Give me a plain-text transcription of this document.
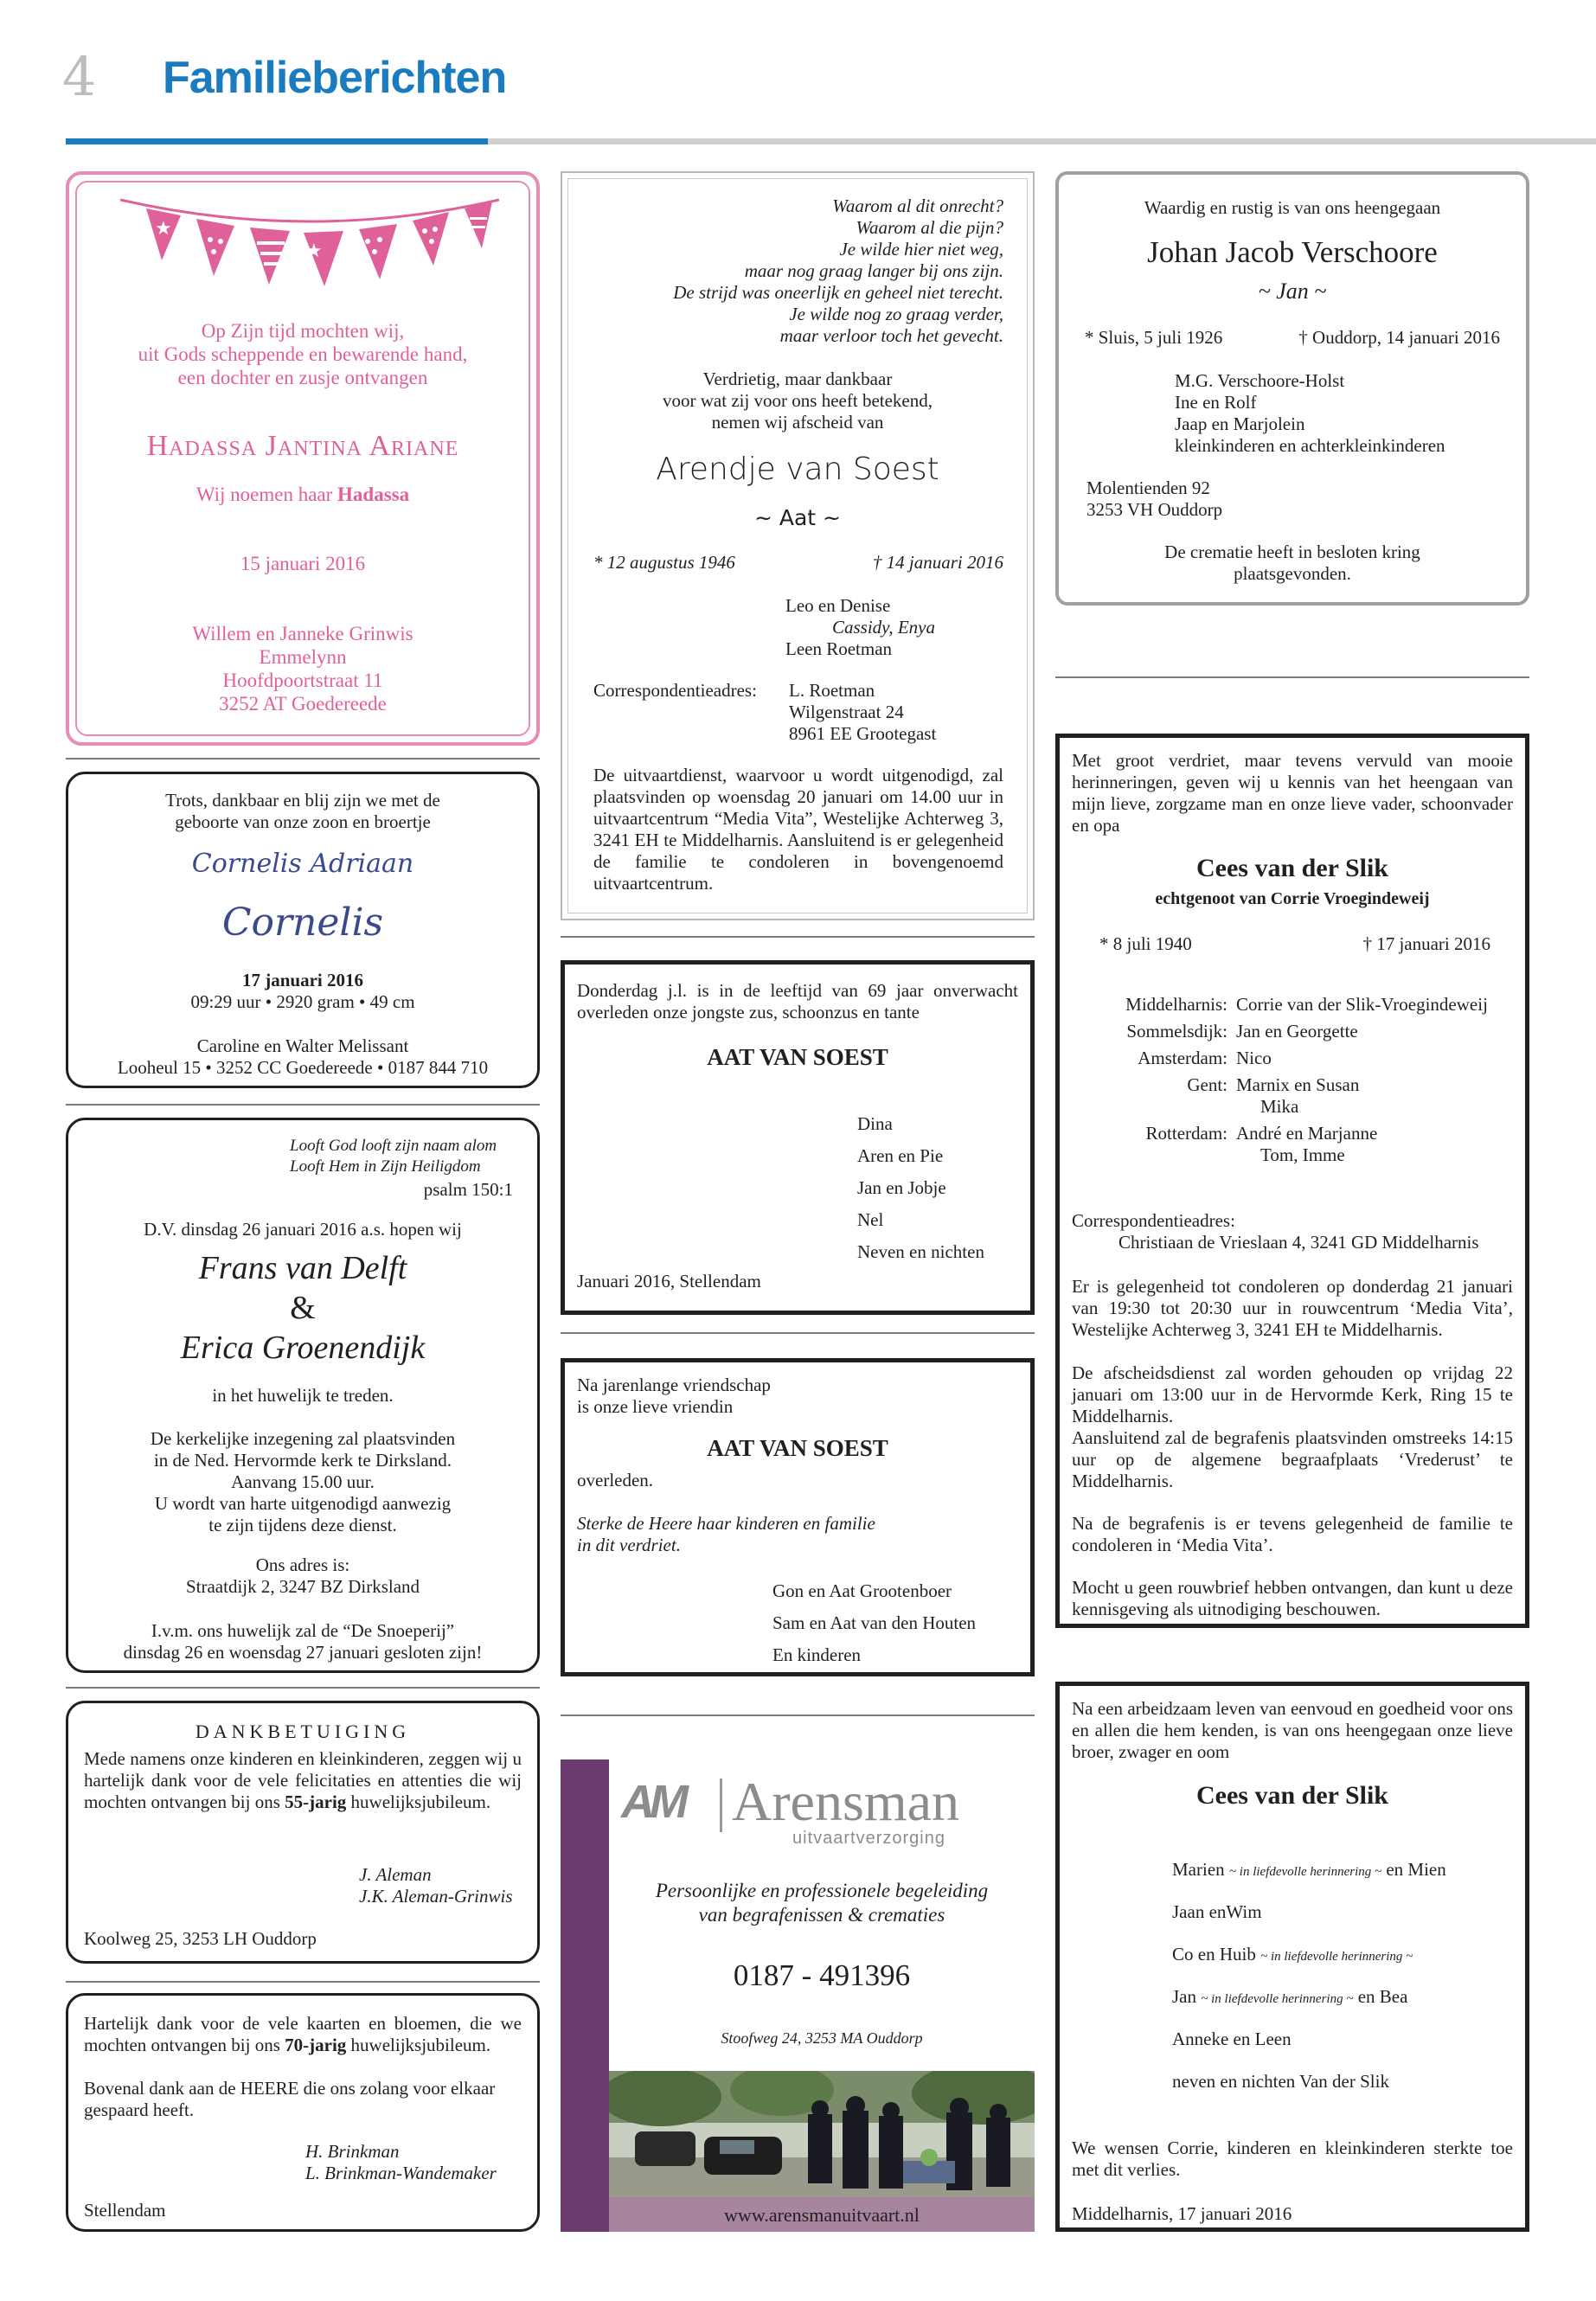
4 Familieberichten
★
★
Op Zijn tijd mochten wij,
uit Gods scheppende en bewarende hand,
een dochter en zusje ontvangen
Hadassa Jantina Ariane
Wij noemen haar Hadassa
15 januari 2016
Willem en Janneke Grinwis
Emmelynn
Hoofdpoortstraat 11
3252 AT Goedereede
Trots, dankbaar en blij zijn we met de
geboorte van onze zoon en broertje
Cornelis Adriaan
Cornelis
17 januari 2016
09:29 uur • 2920 gram • 49 cm
Caroline en Walter Melissant
Looheul 15 • 3252 CC Goedereede • 0187 844 710
Looft God looft zijn naam alom
Looft Hem in Zijn Heiligdom
psalm 150:1
D.V. dinsdag 26 januari 2016 a.s. hopen wij
Frans van Delft
&
Erica Groenendijk
in het huwelijk te treden.
De kerkelijke inzegening zal plaatsvinden
in de Ned. Hervormde kerk te Dirksland.
Aanvang 15.00 uur.
U wordt van harte uitgenodigd aanwezig
te zijn tijdens deze dienst.
Ons adres is:
Straatdijk 2, 3247 BZ Dirksland
I.v.m. ons huwelijk zal de “De Snoeperij”
dinsdag 26 en woensdag 27 januari gesloten zijn!
DANKBETUIGING
Mede namens onze kinderen en kleinkinderen, zeggen wij u hartelijk dank voor de vele felicitaties en attenties die wij mochten ontvangen bij ons 55-jarig huwelijksjubileum.
J. Aleman
J.K. Aleman-Grinwis
Koolweg 25, 3253 LH Ouddorp
Hartelijk dank voor de vele kaarten en bloemen, die we mochten ontvangen bij ons 70-jarig huwelijksjubileum.
Bovenal dank aan de HEERE die ons zolang voor elkaar gespaard heeft.
H. Brinkman
L. Brinkman-Wandemaker
Stellendam
Waarom al dit onrecht?
Waarom al die pijn?
Je wilde hier niet weg,
maar nog graag langer bij ons zijn.
De strijd was oneerlijk en geheel niet terecht.
Je wilde nog zo graag verder,
maar verloor toch het gevecht.
Verdrietig, maar dankbaar
voor wat zij voor ons heeft betekend,
nemen wij afscheid van
Arendje van Soest
~ Aat ~
* 12 augustus 1946	† 14 januari 2016
Leo en Denise
Cassidy, Enya
Leen Roetman
Correspondentieadres: L. Roetman
Wilgenstraat 24
8961 EE Grootegast
De uitvaartdienst, waarvoor u wordt uitgenodigd, zal plaatsvinden op woensdag 20 januari om 14.00 uur in uitvaartcentrum “Media Vita”, Westelijke Achterweg 3, 3241 EH te Middelharnis. Aansluitend is er gelegenheid de familie te condoleren in bovengenoemd uitvaartcentrum.
Donderdag j.l. is in de leeftijd van 69 jaar onverwacht overleden onze jongste zus, schoonzus en tante
AAT VAN SOEST
Dina
Aren en Pie
Jan en Jobje
Nel
Neven en nichten
Januari 2016, Stellendam
Na jarenlange vriendschap
is onze lieve vriendin
AAT VAN SOEST
overleden.
Sterke de Heere haar kinderen en familie
in dit verdriet.
Gon en Aat Grootenboer
Sam en Aat van den Houten
En kinderen
AM Arensman
uitvaartverzorging
Persoonlijke en professionele begeleiding
van begrafenissen & crematies
0187 - 491396
Stoofweg 24, 3253 MA Ouddorp
www.arensmanuitvaart.nl
Waardig en rustig is van ons heengegaan
Johan Jacob Verschoore
~ Jan ~
* Sluis, 5 juli 1926	† Ouddorp, 14 januari 2016
M.G. Verschoore-Holst
Ine en Rolf
Jaap en Marjolein
kleinkinderen en achterkleinkinderen
Molentienden 92
3253 VH Ouddorp
De crematie heeft in besloten kring
plaatsgevonden.
Met groot verdriet, maar tevens vervuld van mooie herinneringen, geven wij u kennis van het heengaan van mijn lieve, zorgzame man en onze lieve vader, schoonvader en opa
Cees van der Slik
echtgenoot van Corrie Vroegindeweij
* 8 juli 1940	† 17 januari 2016
Middelharnis: Corrie van der Slik-Vroegindeweij
Sommelsdijk: Jan en Georgette
Amsterdam: Nico
Gent: Marnix en Susan
Mika
Rotterdam: André en Marjanne
Tom, Imme
Correspondentieadres:
Christiaan de Vrieslaan 4, 3241 GD Middelharnis
Er is gelegenheid tot condoleren op donderdag 21 januari van 19:30 tot 20:30 uur in rouwcentrum ‘Media Vita’, Westelijke Achterweg 3, 3241 EH te Middelharnis.
De afscheidsdienst zal worden gehouden op vrijdag 22 januari om 13:00 uur in de Hervormde Kerk, Ring 15 te Middelharnis.
Aansluitend zal de begrafenis plaatsvinden omstreeks 14:15 uur op de algemene begraafplaats ‘Vrederust’ te Middelharnis.
Na de begrafenis is er tevens gelegenheid de familie te condoleren in ‘Media Vita’.
Mocht u geen rouwbrief hebben ontvangen, dan kunt u deze kennisgeving als uitnodiging beschouwen.
Na een arbeidzaam leven van eenvoud en goedheid voor ons en allen die hem kenden, is van ons heengegaan onze lieve broer, zwager en oom
Cees van der Slik
Marien ~ in liefdevolle herinnering ~ en Mien
Jaan enWim
Co en Huib ~ in liefdevolle herinnering ~
Jan ~ in liefdevolle herinnering ~ en Bea
Anneke en Leen
neven en nichten Van der Slik
We wensen Corrie, kinderen en kleinkinderen sterkte toe met dit verlies.
Middelharnis, 17 januari 2016
